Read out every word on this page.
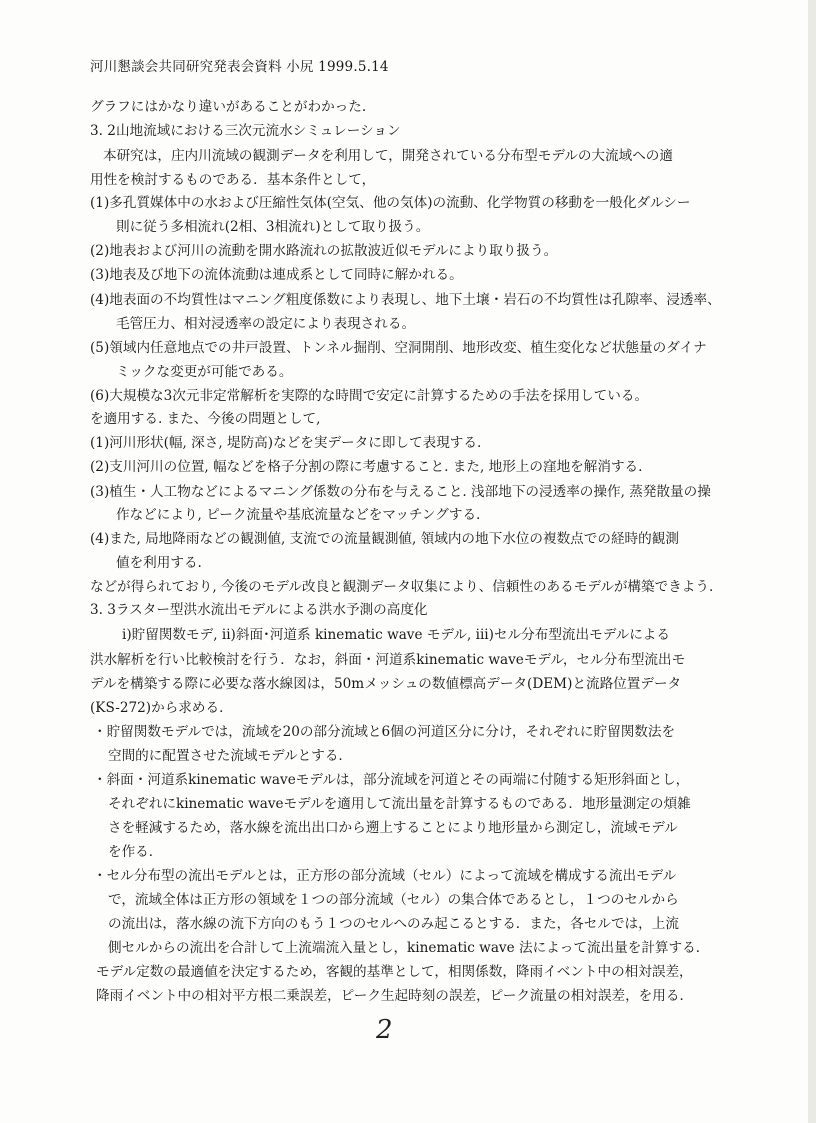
河川懇談会共同研究発表会資料 小尻 1999.5.14
グラフにはかなり違いがあることがわかった.
3. 2山地流域における三次元流水シミュレーション
本研究は，庄内川流域の観測データを利用して，開発されている分布型モデルの大流域への適
用性を検討するものである．基本条件として，
(1)多孔質媒体中の水および圧縮性気体(空気、他の気体)の流動、化学物質の移動を一般化ダルシー
則に従う多相流れ(2相、3相流れ)として取り扱う。
(2)地表および河川の流動を開水路流れの拡散波近似モデルにより取り扱う。
(3)地表及び地下の流体流動は連成系として同時に解かれる。
(4)地表面の不均質性はマニング粗度係数により表現し、地下土壌・岩石の不均質性は孔隙率、浸透率、
毛管圧力、相対浸透率の設定により表現される。
(5)領域内任意地点での井戸設置、トンネル掘削、空洞開削、地形改変、植生変化など状態量のダイナ
ミックな変更が可能である。
(6)大規模な3次元非定常解析を実際的な時間で安定に計算するための手法を採用している。
を適用する. また、今後の問題として,
(1)河川形状(幅, 深さ, 堤防高)などを実データに即して表現する.
(2)支川河川の位置, 幅などを格子分割の際に考慮すること. また, 地形上の窪地を解消する.
(3)植生・人工物などによるマニング係数の分布を与えること. 浅部地下の浸透率の操作, 蒸発散量の操
作などにより, ピーク流量や基底流量などをマッチングする.
(4)また, 局地降雨などの観測値, 支流での流量観測値, 領域内の地下水位の複数点での経時的観測
値を利用する.
などが得られており, 今後のモデル改良と観測データ収集により、信頼性のあるモデルが構築できよう.
3. 3ラスター型洪水流出モデルによる洪水予測の高度化
i)貯留関数モデ, ii)斜面･河道系 kinematic wave モデル, iii)セル分布型流出モデルによる
洪水解析を行い比較検討を行う．なお，斜面・河道系kinematic waveモデル，セル分布型流出モ
デルを構築する際に必要な落水線図は，50mメッシュの数値標高データ(DEM)と流路位置データ
(KS-272)から求める．
・貯留関数モデルでは，流域を20の部分流域と6個の河道区分に分け，それぞれに貯留関数法を
空間的に配置させた流域モデルとする．
・斜面・河道系kinematic waveモデルは，部分流域を河道とその両端に付随する矩形斜面とし，
それぞれにkinematic waveモデルを適用して流出量を計算するものである．地形量測定の煩雑
さを軽減するため，落水線を流出出口から遡上することにより地形量から測定し，流域モデル
を作る．
・セル分布型の流出モデルとは，正方形の部分流域（セル）によって流域を構成する流出モデル
で，流域全体は正方形の領域を１つの部分流域（セル）の集合体であるとし，１つのセルから
の流出は，落水線の流下方向のもう１つのセルへのみ起こるとする．また，各セルでは，上流
側セルからの流出を合計して上流端流入量とし，kinematic wave 法によって流出量を計算する．
モデル定数の最適値を決定するため，客観的基準として，相関係数，降雨イベント中の相対誤差，
降雨イベント中の相対平方根二乗誤差，ピーク生起時刻の誤差，ピーク流量の相対誤差，を用る．
2
